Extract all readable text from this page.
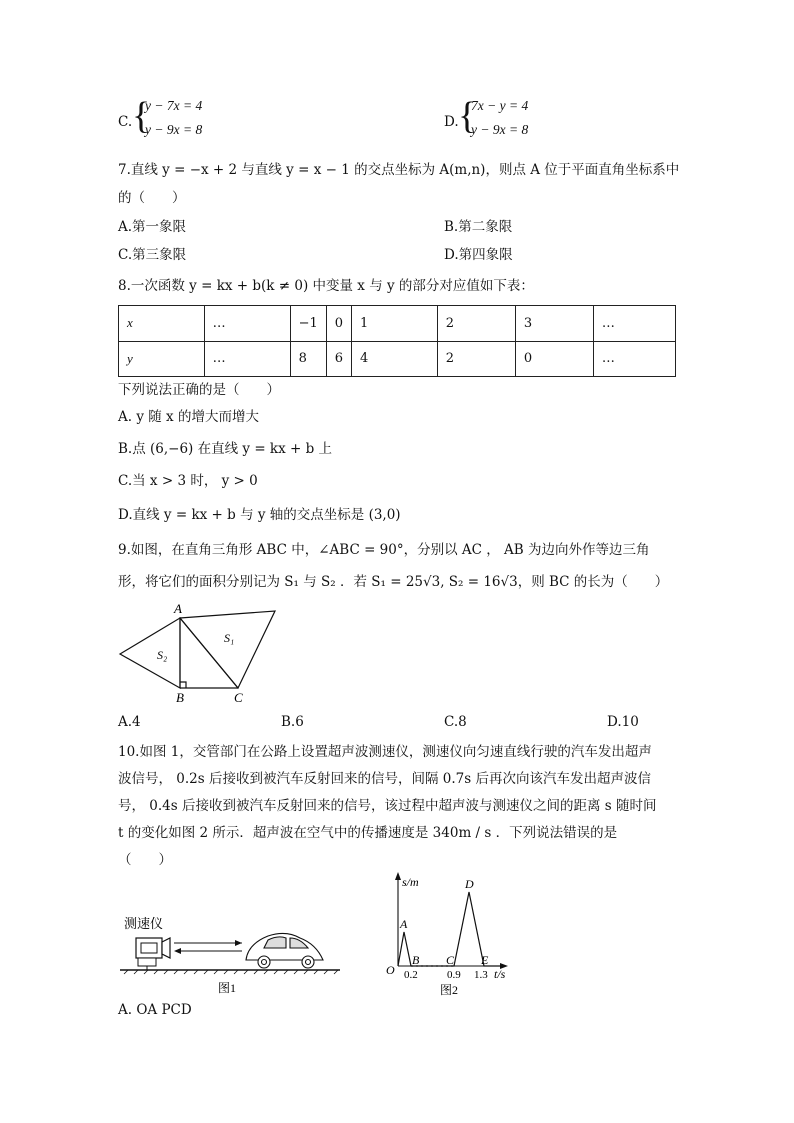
C. {
y − 7x = 4
y − 9x = 8	D. {
7x − y = 4
y − 9x = 8
7.直线 y = −x + 2 与直线 y = x − 1 的交点坐标为 A(m,n)，则点 A 位于平面直角坐标系中
的（　　）
A.第一象限	B.第二象限
C.第三象限	D.第四象限
8.一次函数 y = kx + b(k ≠ 0) 中变量 x 与 y 的部分对应值如下表：
x	…	−1	0	1	2	3	…
y	…	8	6	4	2	0	…
下列说法正确的是（　　）
A. y 随 x 的增大而增大
B.点 (6,−6) 在直线 y = kx + b 上
C.当 x > 3 时， y > 0
D.直线 y = kx + b 与 y 轴的交点坐标是 (3,0)
9.如图，在直角三角形 ABC 中，∠ABC = 90°，分别以 AC ， AB 为边向外作等边三角
形，将它们的面积分别记为 S₁ 与 S₂ ．若 S₁ = 25√3, S₂ = 16√3，则 BC 的长为（　　）
A
B	C
S₁
S₂
A.4	B.6	C.8	D.10
10.如图 1，交管部门在公路上设置超声波测速仪，测速仪向匀速直线行驶的汽车发出超声
波信号， 0.2s 后接收到被汽车反射回来的信号，间隔 0.7s 后再次向该汽车发出超声波信
号， 0.4s 后接收到被汽车反射回来的信号，该过程中超声波与测速仪之间的距离 s 随时间
t 的变化如图 2 所示．超声波在空气中的传播速度是 340m / s ．下列说法错误的是
（　　）
测速仪
图1
s/m
t/s
O
A
B C
D
E
0.2	0.9 1.3
图2
A. OA PCD
